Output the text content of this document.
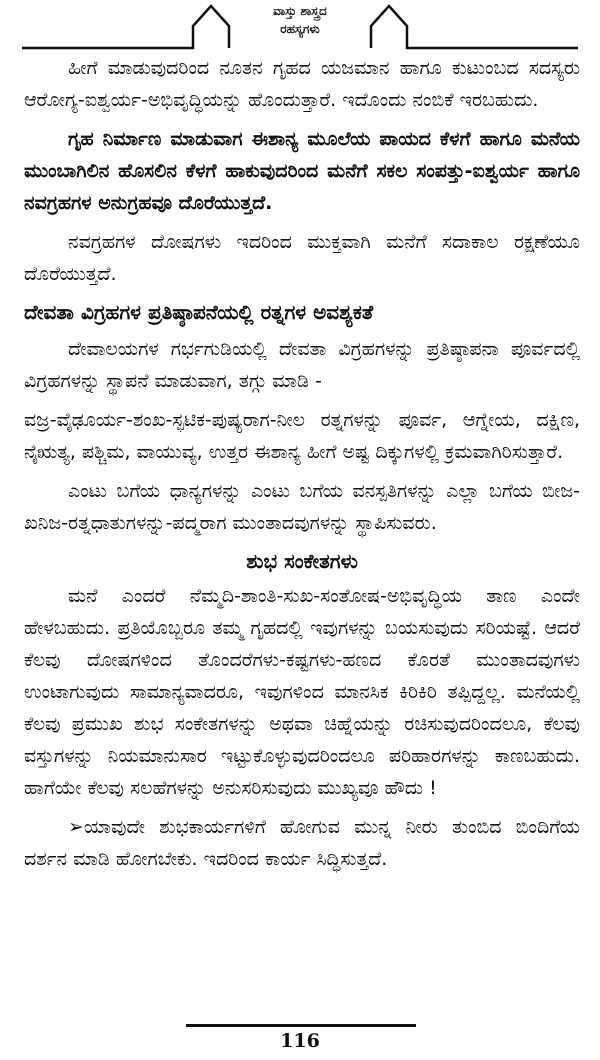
ವಾಸ್ತು ಶಾಸ್ತ್ರದ
ರಹಸ್ಯಗಳು

ಹೀಗೆ ಮಾಡುವುದರಿಂದ ನೂತನ ಗೃಹದ ಯಜಮಾನ ಹಾಗೂ ಕುಟುಂಬದ ಸದಸ್ಯರು ಆರೋಗ್ಯ-ಐಶ್ವರ್ಯ-ಅಭಿವೃದ್ಧಿಯನ್ನು ಹೊಂದುತ್ತಾರೆ. ಇದೊಂದು ನಂಬಿಕೆ ಇರಬಹುದು.

ಗೃಹ ನಿರ್ಮಾಣ ಮಾಡುವಾಗ ಈಶಾನ್ಯ ಮೂಲೆಯ ಪಾಯದ ಕೆಳಗೆ ಹಾಗೂ ಮನೆಯ ಮುಂಬಾಗಿಲಿನ ಹೊಸಲಿನ ಕೆಳಗೆ ಹಾಕುವುದರಿಂದ ಮನೆಗೆ ಸಕಲ ಸಂಪತ್ತು-ಐಶ್ವರ್ಯ ಹಾಗೂ ನವಗ್ರಹಗಳ ಅನುಗ್ರಹವೂ ದೊರೆಯುತ್ತದೆ.

ನವಗ್ರಹಗಳ ದೋಷಗಳು ಇದರಿಂದ ಮುಕ್ತವಾಗಿ ಮನೆಗೆ ಸದಾಕಾಲ ರಕ್ಷಣೆಯೂ ದೊರೆಯುತ್ತದೆ.

ದೇವತಾ ವಿಗ್ರಹಗಳ ಪ್ರತಿಷ್ಠಾಪನೆಯಲ್ಲಿ ರತ್ನಗಳ ಅವಶ್ಯಕತೆ

ದೇವಾಲಯಗಳ ಗರ್ಭಗುಡಿಯಲ್ಲಿ ದೇವತಾ ವಿಗ್ರಹಗಳನ್ನು ಪ್ರತಿಷ್ಠಾಪನಾ ಪೂರ್ವದಲ್ಲಿ ವಿಗ್ರಹಗಳನ್ನು ಸ್ಥಾಪನೆ ಮಾಡುವಾಗ, ತಗ್ಗು ಮಾಡಿ -

ವಜ್ರ-ವೈಢೂರ್ಯ-ಶಂಖ-ಸ್ಫಟಿಕ-ಪುಷ್ಯರಾಗ-ನೀಲ ರತ್ನಗಳನ್ನು ಪೂರ್ವ, ಆಗ್ನೇಯ, ದಕ್ಷಿಣ, ನೈಋತ್ಯ, ಪಶ್ಚಿಮ, ವಾಯುವ್ಯ, ಉತ್ತರ ಈಶಾನ್ಯ ಹೀಗೆ ಅಷ್ಟ ದಿಕ್ಕುಗಳಲ್ಲಿ ಕ್ರಮವಾಗಿರಿಸುತ್ತಾರೆ.

ಎಂಟು ಬಗೆಯ ಧಾನ್ಯಗಳನ್ನು ಎಂಟು ಬಗೆಯ ವನಸ್ಪತಿಗಳನ್ನು ಎಲ್ಲಾ ಬಗೆಯ ಬೀಜ-ಖನಿಜ-ರತ್ನಧಾತುಗಳನ್ನು-ಪದ್ಮರಾಗ ಮುಂತಾದವುಗಳನ್ನು ಸ್ಥಾಪಿಸುವರು.

ಶುಭ ಸಂಕೇತಗಳು

ಮನೆ ಎಂದರೆ ನೆಮ್ಮದಿ-ಶಾಂತಿ-ಸುಖ-ಸಂತೋಷ-ಅಭಿವೃದ್ಧಿಯ ತಾಣ ಎಂದೇ ಹೇಳಬಹುದು. ಪ್ರತಿಯೊಬ್ಬರೂ ತಮ್ಮ ಗೃಹದಲ್ಲಿ ಇವುಗಳನ್ನು ಬಯಸುವುದು ಸರಿಯಷ್ಟೆ. ಆದರೆ ಕೆಲವು ದೋಷಗಳಿಂದ ತೊಂದರೆಗಳು-ಕಷ್ಟಗಳು-ಹಣದ ಕೊರತೆ ಮುಂತಾದವುಗಳು ಉಂಟಾಗುವುದು ಸಾಮಾನ್ಯವಾದರೂ, ಇವುಗಳಿಂದ ಮಾನಸಿಕ ಕಿರಿಕಿರಿ ತಪ್ಪಿದ್ದಲ್ಲ. ಮನೆಯಲ್ಲಿ ಕೆಲವು ಪ್ರಮುಖ ಶುಭ ಸಂಕೇತಗಳನ್ನು ಅಥವಾ ಚಿಹ್ನೆಯನ್ನು ರಚಿಸುವುದರಿಂದಲೂ, ಕೆಲವು ವಸ್ತುಗಳನ್ನು ನಿಯಮಾನುಸಾರ ಇಟ್ಟುಕೊಳ್ಳುವುದರಿಂದಲೂ ಪರಿಹಾರಗಳನ್ನು ಕಾಣಬಹುದು. ಹಾಗೆಯೇ ಕೆಲವು ಸಲಹೆಗಳನ್ನು ಅನುಸರಿಸುವುದು ಮುಖ್ಯವೂ ಹೌದು !

➢ಯಾವುದೇ ಶುಭಕಾರ್ಯಗಳಿಗೆ ಹೋಗುವ ಮುನ್ನ ನೀರು ತುಂಬಿದ ಬಿಂದಿಗೆಯ ದರ್ಶನ ಮಾಡಿ ಹೋಗಬೇಕು. ಇದರಿಂದ ಕಾರ್ಯ ಸಿದ್ಧಿಸುತ್ತದೆ.

116
